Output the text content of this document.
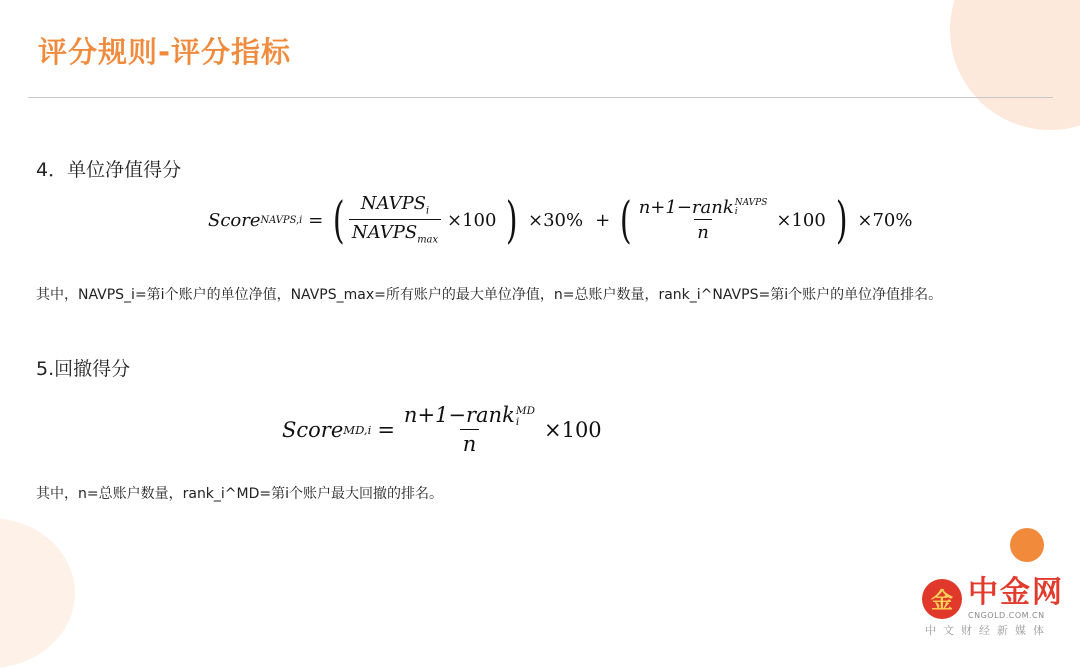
评分规则-评分指标
4．单位净值得分
Score NAVPS,i = ( $\frac{NAVPS_i}{NAVPS_{max}} \times 100$ ) ×30% + ( n+1−rank NAVPS
i
n ×100 ) ×70%

其中，NAVPS_i=第i个账户的单位净值，NAVPS_max=所有账户的最大单位净值，n=总账户数量，rank_i^NAVPS=第i个账户的单位净值排名。

5.回撤得分
Score MD,i = n+1−rank MD
i
n ×100

其中，n=总账户数量，rank_i^MD=第i个账户最大回撤的排名。

金 中金网
CNGOLD.COM.CN
中文财经新媒体
